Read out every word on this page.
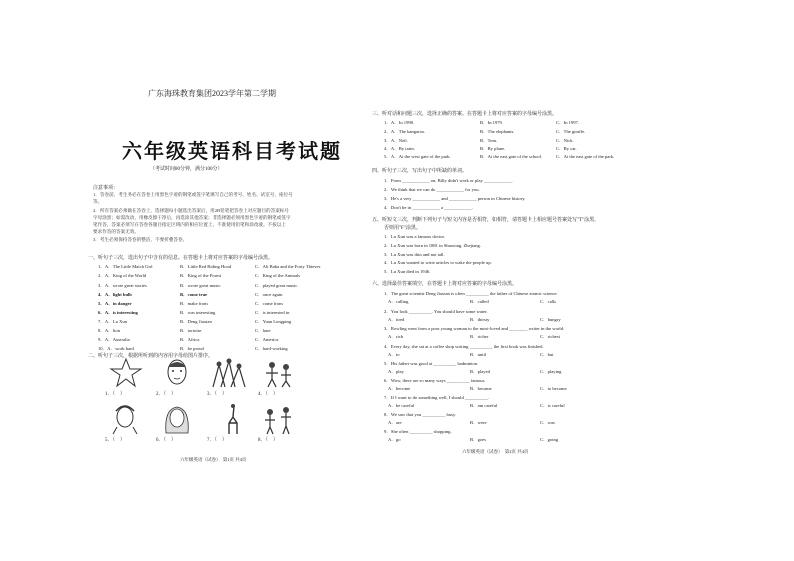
广东海珠教育集团2023学年第二学期
六年级英语科目考试题
（考试时间80分钟，满分100分）
注意事项：
1．答卷前，考生务必在答卷上用黑色字迹的钢笔或签字笔填写自己的考号、姓名、试室号、座位号
等。
2．所有答案必须做在答卷上，选择题每小题选出答案后，用2B铅笔把答卷上对应题目的答案标号
字母涂黑；如需改动，用橡皮擦干净后，再选涂其他答案；非选择题必须用黑色字迹的钢笔或签字
笔作答，答案必须写在答卷各题目指定区域内的相应位置上，不准使用铅笔和涂改液。不按以上
要求作答的答案无效。
3．考生必须保持答卷的整洁，不要折叠答卷。
一、听句子三次，选出句子中含有的信息。在答题卡上将对应答案的字母编号涂黑。
1．A．The Little Match Girl	B．Little Red Riding Hood	C．Ali Baba and the Forty Thieves
2．A．King of the World	B．King of the Forest	C．King of the Animals
3．A．wrote great stories	B．wrote great music	C．played great music
4．A．light bulb	B．come true	C．once again
5．A．in danger	B．make from	C．come from
6．A．is interesting	B．was interesting	C．is interested in
7．A．Lu Xun	B．Deng Jiaxian	C．Yuan Longping
8．A．lion	B．tortoise	C．hare
9．A．Australia	B．Africa	C．America
10．A．work hard	B．be proud	C．hard-working
二、听句子三次，根据所听到的内容用字母给图片排序。
1．（　）	2．（　）	3．（　）	4．（　）
5．（　）	6．（　）	7．（　）	8．（　）
六年级英语（试卷）　第1页 共4页
三、听对话和问题三次，选择正确的答案。在答题卡上将对应答案的字母编号涂黑。
1．A．In 1998.	B．In 1979.	C．In 1997.
2．A．The kangaroo.	B．The elephants.	C．The giraffe.
3．A．Neil.	B．Tom.	C．Nick.
4．A．By train.	B．By plane.	C．By car.
5．A．At the west gate of the park.	B．At the east gate of the school.	C．At the east gate of the park.
四、听句子三次，写出句子中所缺的单词。
1．From ____________ on, Billy didn't work or play ____________.
2．We think that we can do ____________ for you.
3．He's a very ____________ and ____________ person in Chinese history.
4．Don't be in ____________ a ____________.
五、听短文三次，判断下列句子与短文内容是否相符，如相符，请答题卡上相应题号答案处写"T"涂黑，
否则用"F"涂黑。
1．Lu Xun was a famous doctor.
2．Lu Xun was born in 1881 in Shaoxing, Zhejiang.
3．Lu Xun was thin and not tall.
4．Lu Xun wanted to write articles to wake the people up.
5．Lu Xun died in 1946.
六、选择最佳答案填空，在答题卡上将对应答案的字母编号涂黑。
1．The great scientist Deng Jiaxian is often __________ the father of Chinese atomic science.
A．calling	B．called	C．calls
2．You look __________. You should have some water.
A．tired	B．thirsty	C．hungry
3．Rowling went from a poor young woman to the most-loved and ________ writer in the world.
A．rich	B．richer	C．richest
4．Every day, she sat at a coffee shop writing __________ the first book was finished.
A．to	B．until	C．but
5．His father was good at __________ badminton.
A．play	B．played	C．playing
6．Wow, there are so many ways __________ famous.
A．become	B．became	C．to become
7．If I want to do something well, I should __________.
A．be careful	B．am careful	C．is careful
8．We saw that you __________ busy.
A．are	B．were	C．was
9．She often __________ shopping.
A．go	B．goes	C．going
六年级英语（试卷）　第2页 共4页
